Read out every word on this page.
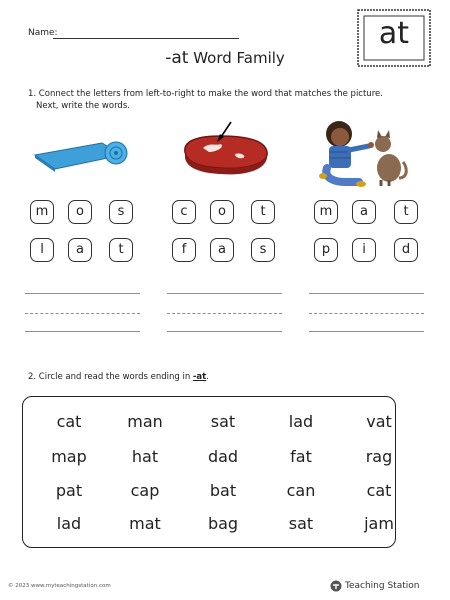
Name:
-at Word Family
at
1. Connect the letters from left-to-right to make the word that matches the picture.
Next, write the words.
m	o	s	c	o	t	m	a	t
l	a	t	f	a	s	p	i	d
2. Circle and read the words ending in -at.
cat	man	sat	lad	vat
map	hat	dad	fat	rag
pat	cap	bat	can	cat
lad	mat	bag	sat	jam
© 2023 www.myteachingstation.com	Teaching Station
